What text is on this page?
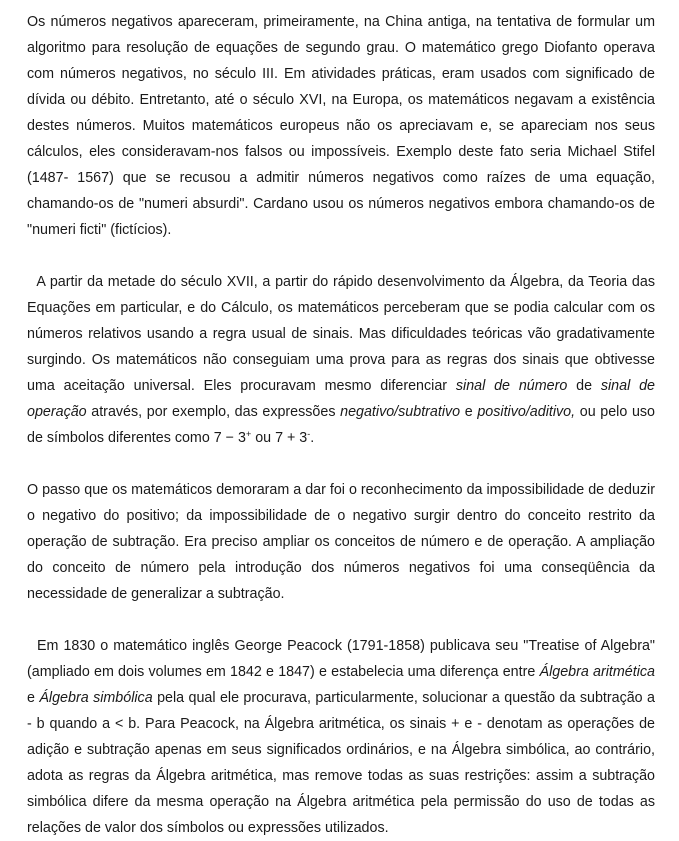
Os números negativos apareceram, primeiramente, na China antiga, na tentativa de formular um algoritmo para resolução de equações de segundo grau. O matemático grego Diofanto operava com números negativos, no século III. Em atividades práticas, eram usados com significado de dívida ou débito. Entretanto, até o século XVI, na Europa, os matemáticos negavam a existência destes números. Muitos matemáticos europeus não os apreciavam e, se apareciam nos seus cálculos, eles consideravam-nos falsos ou impossíveis. Exemplo deste fato seria Michael Stifel (1487- 1567) que se recusou a admitir números negativos como raízes de uma equação, chamando-os de "numeri absurdi". Cardano usou os números negativos embora chamando-os de "numeri ficti" (fictícios).

A partir da metade do século XVII, a partir do rápido desenvolvimento da Álgebra, da Teoria das Equações em particular, e do Cálculo, os matemáticos perceberam que se podia calcular com os números relativos usando a regra usual de sinais. Mas dificuldades teóricas vão gradativamente surgindo. Os matemáticos não conseguiam uma prova para as regras dos sinais que obtivesse uma aceitação universal. Eles procuravam mesmo diferenciar sinal de número de sinal de operação através, por exemplo, das expressões negativo/subtrativo e positivo/aditivo, ou pelo uso de símbolos diferentes como 7 − 3+ ou 7 + 3-.

O passo que os matemáticos demoraram a dar foi o reconhecimento da impossibilidade de deduzir o negativo do positivo; da impossibilidade de o negativo surgir dentro do conceito restrito da operação de subtração. Era preciso ampliar os conceitos de número e de operação. A ampliação do conceito de número pela introdução dos números negativos foi uma conseqüência da necessidade de generalizar a subtração.

Em 1830 o matemático inglês George Peacock (1791-1858) publicava seu "Treatise of Algebra" (ampliado em dois volumes em 1842 e 1847) e estabelecia uma diferença entre Álgebra aritmética e Álgebra simbólica pela qual ele procurava, particularmente, solucionar a questão da subtração a - b quando a < b. Para Peacock, na Álgebra aritmética, os sinais + e - denotam as operações de adição e subtração apenas em seus significados ordinários, e na Álgebra simbólica, ao contrário, adota as regras da Álgebra aritmética, mas remove todas as suas restrições: assim a subtração simbólica difere da mesma operação na Álgebra aritmética pela permissão do uso de todas as relações de valor dos símbolos ou expressões utilizados.
